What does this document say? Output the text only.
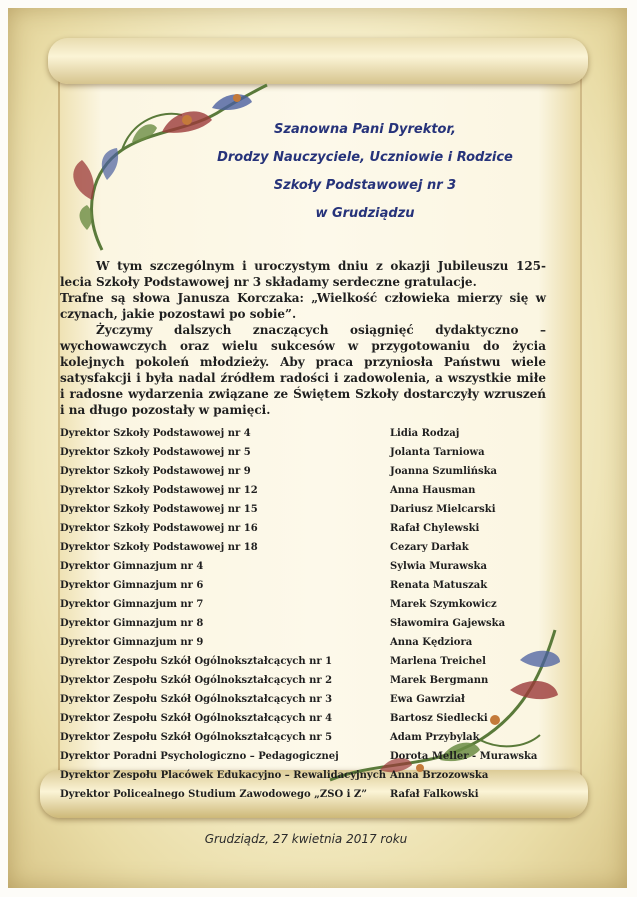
Szanowna Pani Dyrektor,
Drodzy Nauczyciele, Uczniowie i Rodzice
Szkoły Podstawowej nr 3
w Grudziądzu

W tym szczególnym i uroczystym dniu z okazji Jubileuszu 125-lecia Szkoły Podstawowej nr 3 składamy serdeczne gratulacje.

Trafne są słowa Janusza Korczaka: „Wielkość człowieka mierzy się w czynach, jakie pozostawi po sobie”.

Życzymy dalszych znaczących osiągnięć dydaktyczno – wychowawczych oraz wielu sukcesów w przygotowaniu do życia kolejnych pokoleń młodzieży. Aby praca przyniosła Państwu wiele satysfakcji i była nadal źródłem radości i zadowolenia, a wszystkie miłe i radosne wydarzenia związane ze Świętem Szkoły dostarczyły wzruszeń i na długo pozostały w pamięci.

Dyrektor Szkoły Podstawowej nr 4	Lidia Rodzaj
Dyrektor Szkoły Podstawowej nr 5	Jolanta Tarniowa
Dyrektor Szkoły Podstawowej nr 9	Joanna Szumlińska
Dyrektor Szkoły Podstawowej nr 12	Anna Hausman
Dyrektor Szkoły Podstawowej nr 15	Dariusz Mielcarski
Dyrektor Szkoły Podstawowej nr 16	Rafał Chylewski
Dyrektor Szkoły Podstawowej nr 18	Cezary Darłak
Dyrektor Gimnazjum nr 4	Sylwia Murawska
Dyrektor Gimnazjum nr 6	Renata Matuszak
Dyrektor Gimnazjum nr 7	Marek Szymkowicz
Dyrektor Gimnazjum nr 8	Sławomira Gajewska
Dyrektor Gimnazjum nr 9	Anna Kędziora
Dyrektor Zespołu Szkół Ogólnokształcących nr 1	Marlena Treichel
Dyrektor Zespołu Szkół Ogólnokształcących nr 2	Marek Bergmann
Dyrektor Zespołu Szkół Ogólnokształcących nr 3	Ewa Gawrział
Dyrektor Zespołu Szkół Ogólnokształcących nr 4	Bartosz Siedlecki
Dyrektor Zespołu Szkół Ogólnokształcących nr 5	Adam Przybylak
Dyrektor Poradni Psychologiczno – Pedagogicznej	Dorota Meller - Murawska
Dyrektor Zespołu Placówek Edukacyjno – Rewalidacyjnych Anna Brzozowska
Dyrektor Policealnego Studium Zawodowego „ZSO i Z” Rafał Falkowski
Grudziądz, 27 kwietnia 2017 roku
